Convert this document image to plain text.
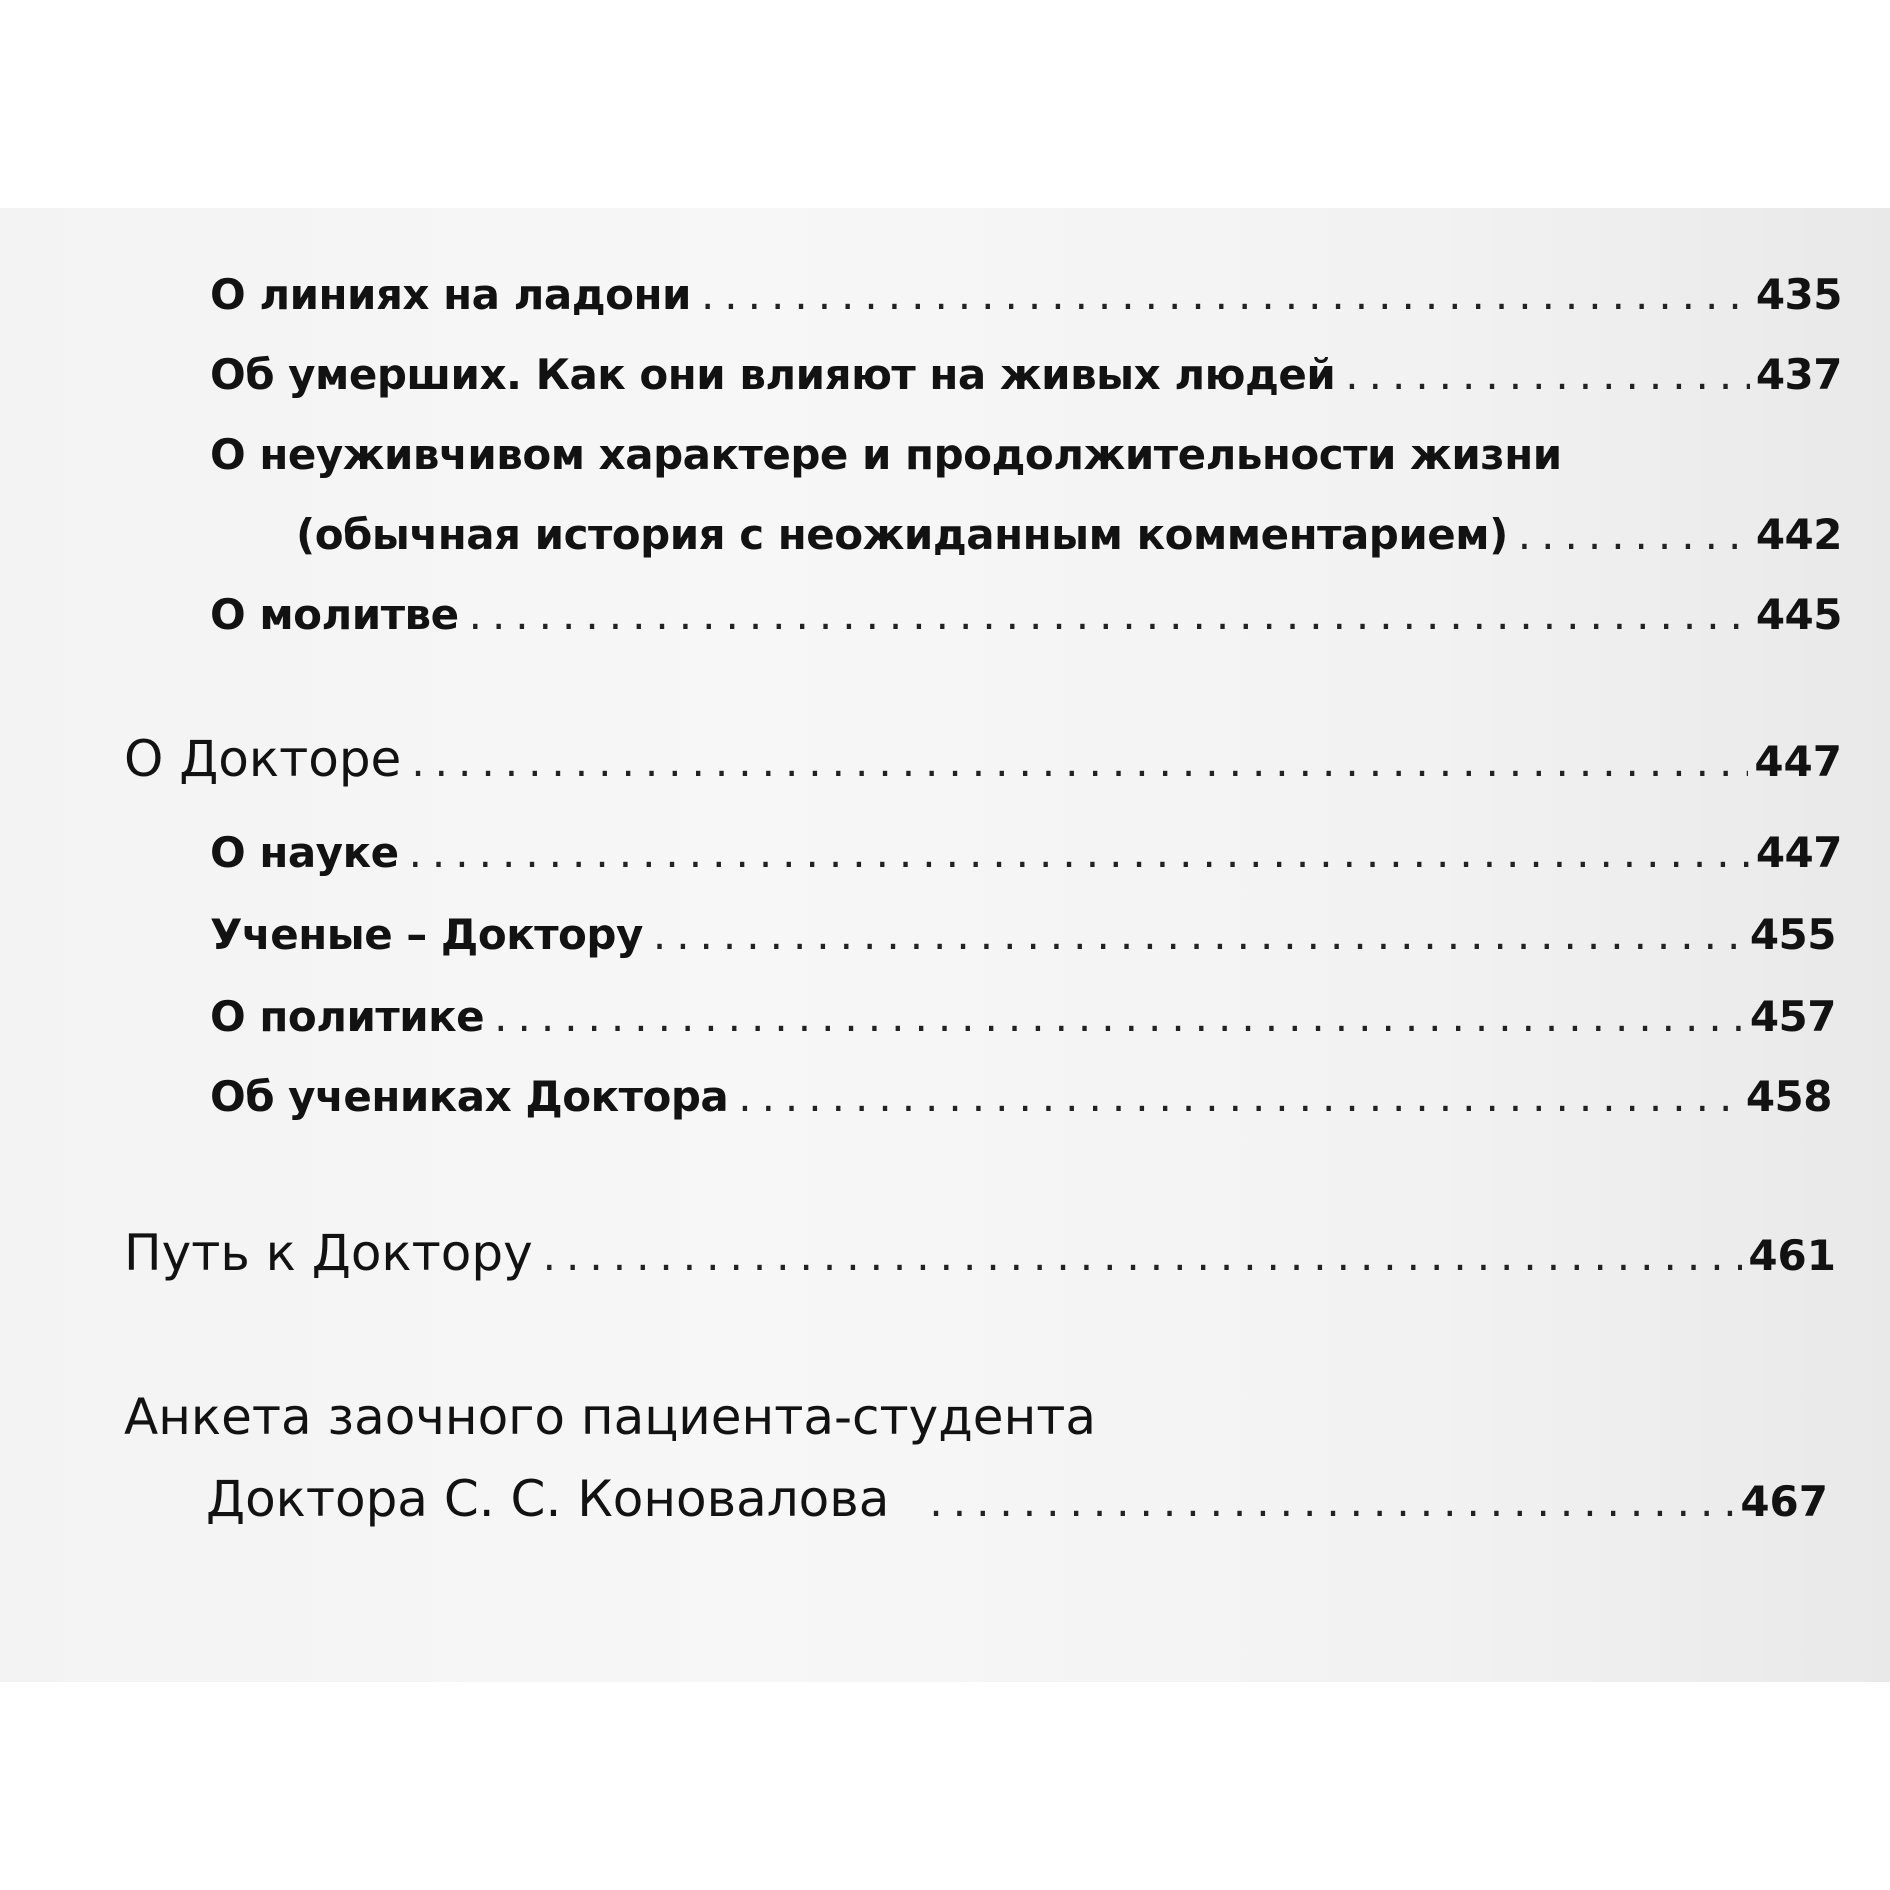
О линиях на ладони .....	435
Об умерших. Как они влияют на живых людей .....	437
О неуживчивом характере и продолжительности жизни
(обычная история с неожиданным комментарием) .....	442
О молитве .....	445
О Докторе .....	447
О науке .....	447
Ученые – Доктору .....	455
О политике .....	457
Об учениках Доктора .....	458
Путь к Доктору .....	461
Анкета заочного пациента-студента
Доктора С. С. Коновалова .....	467
